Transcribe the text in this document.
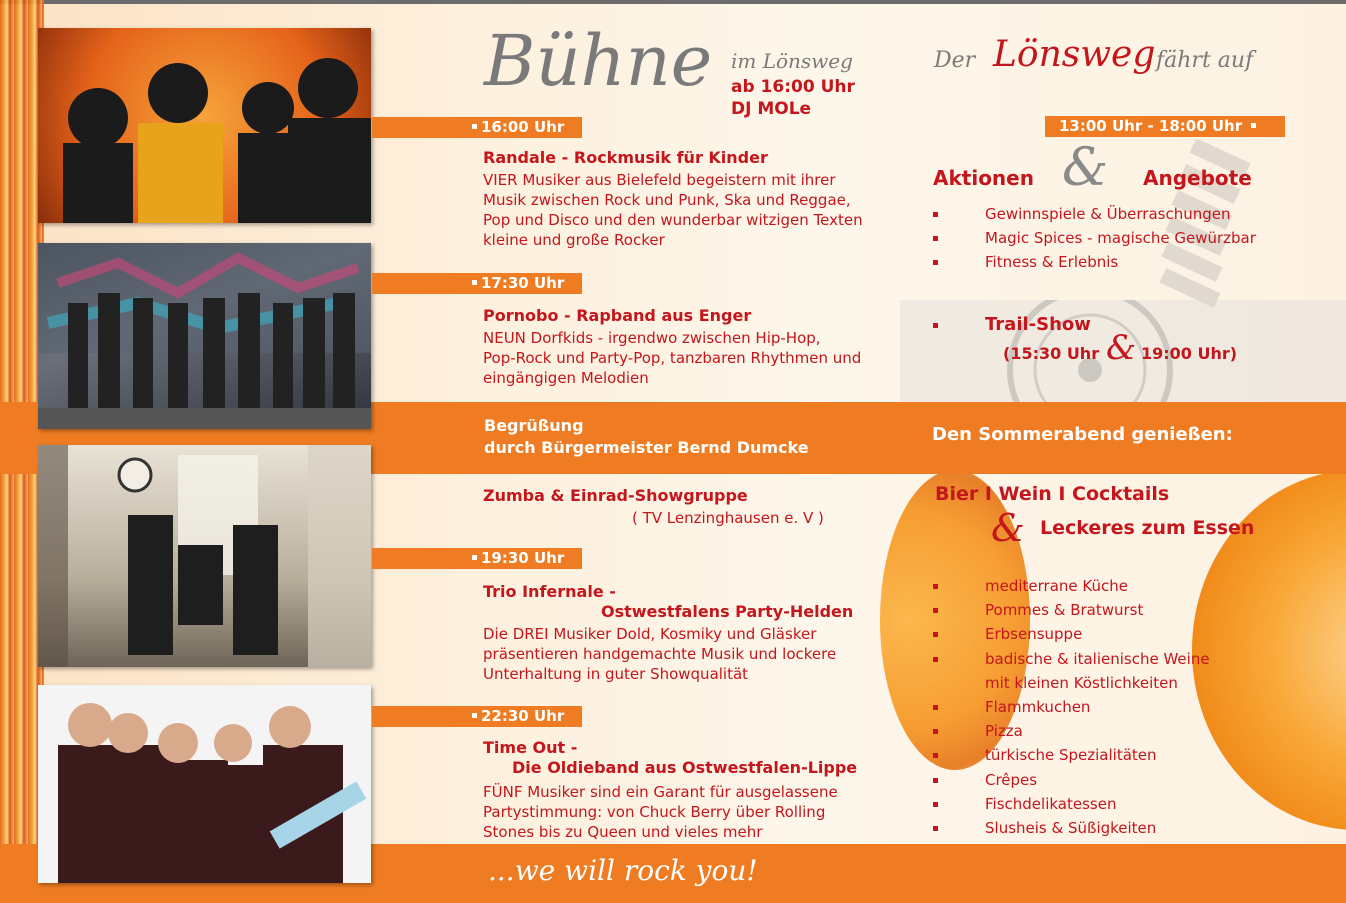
Bühne im Lönsweg
ab 16:00 Uhr
DJ MOLe
16:00 Uhr
Randale - Rockmusik für Kinder
VIER Musiker aus Bielefeld begeistern mit ihrer
Musik zwischen Rock und Punk, Ska und Reggae,
Pop und Disco und den wunderbar witzigen Texten
kleine und große Rocker
17:30 Uhr
Pornobo - Rapband aus Enger
NEUN Dorfkids - irgendwo zwischen Hip-Hop,
Pop-Rock und Party-Pop, tanzbaren Rhythmen und
eingängigen Melodien
Begrüßung
durch Bürgermeister Bernd Dumcke
Zumba & Einrad-Showgruppe
( TV Lenzinghausen e. V )
19:30 Uhr
Trio Infernale -
Ostwestfalens Party-Helden
Die DREI Musiker Dold, Kosmiky und Gläsker
präsentieren handgemachte Musik und lockere
Unterhaltung in guter Showqualität
22:30 Uhr
Time Out -
Die Oldieband aus Ostwestfalen-Lippe
FÜNF Musiker sind ein Garant für ausgelassene
Partystimmung: von Chuck Berry über Rolling
Stones bis zu Queen und vieles mehr
...we will rock you!
Der Lönsweg fährt auf
13:00 Uhr - 18:00 Uhr
Aktionen & Angebote
Gewinnspiele & Überraschungen
Magic Spices - magische Gewürzbar
Fitness & Erlebnis
Trail-Show
(15:30 Uhr & 19:00 Uhr)
Den Sommerabend genießen:
Bier I Wein I Cocktails
& Leckeres zum Essen
mediterrane Küche
Pommes & Bratwurst
Erbsensuppe
badische & italienische Weine
mit kleinen Köstlichkeiten
Flammkuchen
Pizza
türkische Spezialitäten
Crêpes
Fischdelikatessen
Slusheis & Süßigkeiten
